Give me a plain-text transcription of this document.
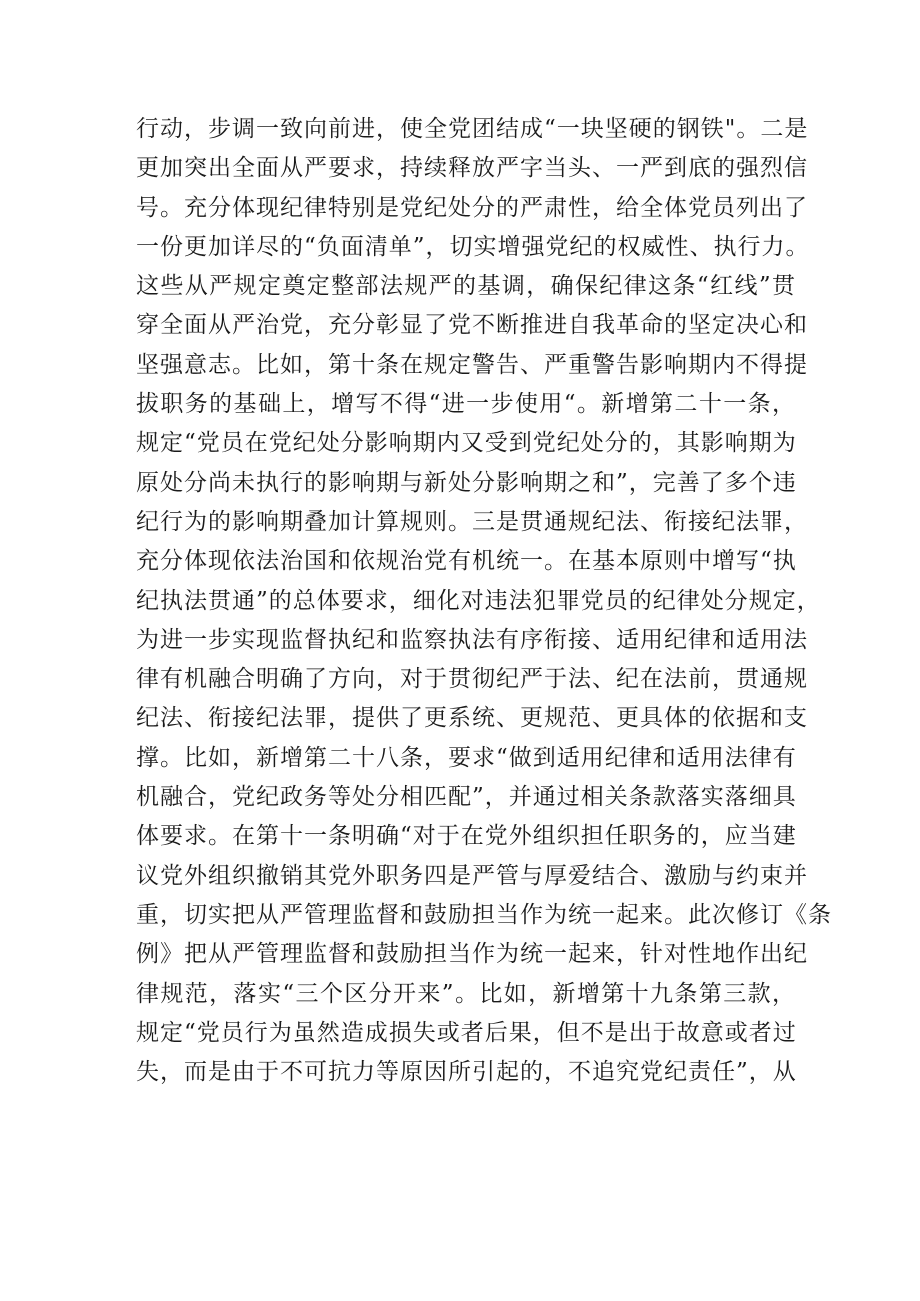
行动，步调一致向前进，使全党团结成“一块坚硬的钢铁"。二是
更加突出全面从严要求，持续释放严字当头、一严到底的强烈信
号。充分体现纪律特别是党纪处分的严肃性，给全体党员列出了
一份更加详尽的“负面清单”，切实增强党纪的权威性、执行力。
这些从严规定奠定整部法规严的基调，确保纪律这条“红线”贯
穿全面从严治党，充分彰显了党不断推进自我革命的坚定决心和
坚强意志。比如，第十条在规定警告、严重警告影响期内不得提
拔职务的基础上，增写不得“进一步使用“。新增第二十一条，
规定“党员在党纪处分影响期内又受到党纪处分的，其影响期为
原处分尚未执行的影响期与新处分影响期之和”，完善了多个违
纪行为的影响期叠加计算规则。三是贯通规纪法、衔接纪法罪，
充分体现依法治国和依规治党有机统一。在基本原则中增写“执
纪执法贯通”的总体要求，细化对违法犯罪党员的纪律处分规定，
为进一步实现监督执纪和监察执法有序衔接、适用纪律和适用法
律有机融合明确了方向，对于贯彻纪严于法、纪在法前，贯通规
纪法、衔接纪法罪，提供了更系统、更规范、更具体的依据和支
撑。比如，新增第二十八条，要求“做到适用纪律和适用法律有
机融合，党纪政务等处分相匹配”，并通过相关条款落实落细具
体要求。在第十一条明确“对于在党外组织担任职务的，应当建
议党外组织撤销其党外职务四是严管与厚爱结合、激励与约束并
重，切实把从严管理监督和鼓励担当作为统一起来。此次修订《条
例》把从严管理监督和鼓励担当作为统一起来，针对性地作出纪
律规范，落实“三个区分开来”。比如，新增第十九条第三款，
规定“党员行为虽然造成损失或者后果，但不是出于故意或者过
失，而是由于不可抗力等原因所引起的，不追究党纪责任”，从
